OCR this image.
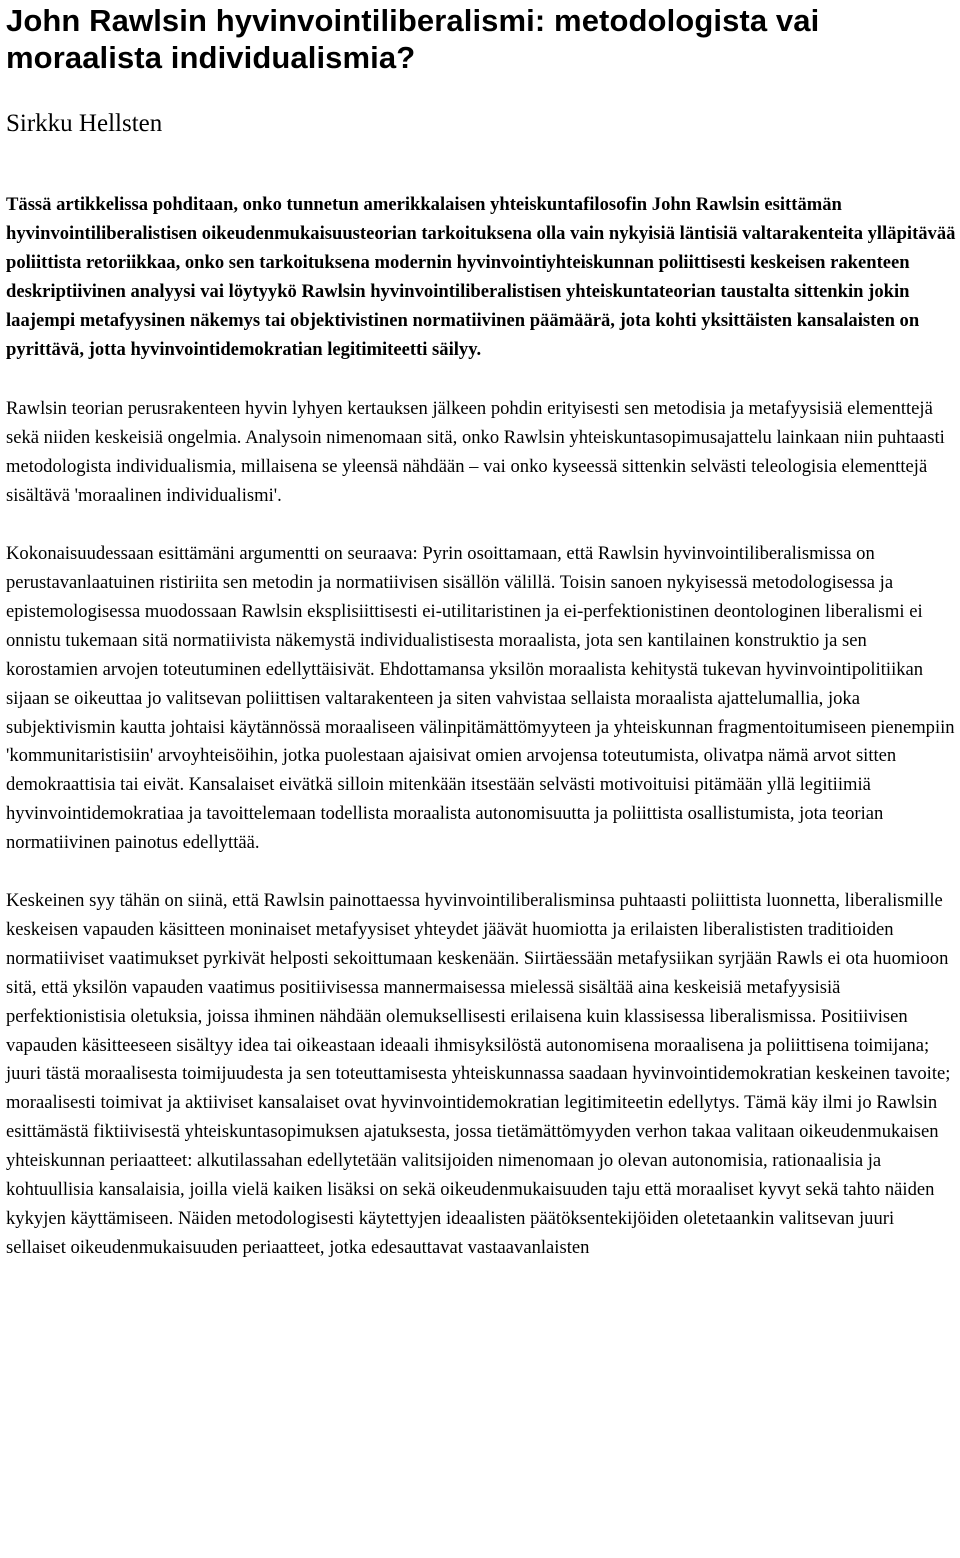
John Rawlsin hyvinvointiliberalismi: metodologista vai moraalista individualismia?
Sirkku Hellsten

Tässä artikkelissa pohditaan, onko tunnetun amerikkalaisen yhteiskuntafilosofin John Rawlsin esittämän hyvinvointiliberalistisen oikeudenmukaisuusteorian tarkoituksena olla vain nykyisiä läntisiä valtarakenteita ylläpitävää poliittista retoriikkaa, onko sen tarkoituksena modernin hyvinvointiyhteiskunnan poliittisesti keskeisen rakenteen deskriptiivinen analyysi vai löytyykö Rawlsin hyvinvointiliberalistisen yhteiskuntateorian taustalta sittenkin jokin laajempi metafyysinen näkemys tai objektivistinen normatiivinen päämäärä, jota kohti yksittäisten kansalaisten on pyrittävä, jotta hyvinvointidemokratian legitimiteetti säilyy.

Rawlsin teorian perusrakenteen hyvin lyhyen kertauksen jälkeen pohdin erityisesti sen metodisia ja metafyysisiä elementtejä sekä niiden keskeisiä ongelmia. Analysoin nimenomaan sitä, onko Rawlsin yhteiskuntasopimusajattelu lainkaan niin puhtaasti metodologista individualismia, millaisena se yleensä nähdään – vai onko kyseessä sittenkin selvästi teleologisia elementtejä sisältävä 'moraalinen individualismi'.

Kokonaisuudessaan esittämäni argumentti on seuraava: Pyrin osoittamaan, että Rawlsin hyvinvointiliberalismissa on perustavanlaatuinen ristiriita sen metodin ja normatiivisen sisällön välillä. Toisin sanoen nykyisessä metodologisessa ja epistemologisessa muodossaan Rawlsin eksplisiittisesti ei-utilitaristinen ja ei-perfektionistinen deontologinen liberalismi ei onnistu tukemaan sitä normatiivista näkemystä individualistisesta moraalista, jota sen kantilainen konstruktio ja sen korostamien arvojen toteutuminen edellyttäisivät. Ehdottamansa yksilön moraalista kehitystä tukevan hyvinvointipolitiikan sijaan se oikeuttaa jo valitsevan poliittisen valtarakenteen ja siten vahvistaa sellaista moraalista ajattelumallia, joka subjektivismin kautta johtaisi käytännössä moraaliseen välinpitämättömyyteen ja yhteiskunnan fragmentoitumiseen pienempiin 'kommunitaristisiin' arvoyhteisöihin, jotka puolestaan ajaisivat omien arvojensa toteutumista, olivatpa nämä arvot sitten demokraattisia tai eivät. Kansalaiset eivätkä silloin mitenkään itsestään selvästi motivoituisi pitämään yllä legitiimiä hyvinvointidemokratiaa ja tavoittelemaan todellista moraalista autonomisuutta ja poliittista osallistumista, jota teorian normatiivinen painotus edellyttää.

Keskeinen syy tähän on siinä, että Rawlsin painottaessa hyvinvointiliberalisminsa puhtaasti poliittista luonnetta, liberalismille keskeisen vapauden käsitteen moninaiset metafyysiset yhteydet jäävät huomiotta ja erilaisten liberalististen traditioiden normatiiviset vaatimukset pyrkivät helposti sekoittumaan keskenään. Siirtäessään metafysiikan syrjään Rawls ei ota huomioon sitä, että yksilön vapauden vaatimus positiivisessa mannermaisessa mielessä sisältää aina keskeisiä metafyysisiä perfektionistisia oletuksia, joissa ihminen nähdään olemuksellisesti erilaisena kuin klassisessa liberalismissa. Positiivisen vapauden käsitteeseen sisältyy idea tai oikeastaan ideaali ihmisyksilöstä autonomisena moraalisena ja poliittisena toimijana; juuri tästä moraalisesta toimijuudesta ja sen toteuttamisesta yhteiskunnassa saadaan hyvinvointidemokratian keskeinen tavoite; moraalisesti toimivat ja aktiiviset kansalaiset ovat hyvinvointidemokratian legitimiteetin edellytys. Tämä käy ilmi jo Rawlsin esittämästä fiktiivisestä yhteiskuntasopimuksen ajatuksesta, jossa tietämättömyyden verhon takaa valitaan oikeudenmukaisen yhteiskunnan periaatteet: alkutilassahan edellytetään valitsijoiden nimenomaan jo olevan autonomisia, rationaalisia ja kohtuullisia kansalaisia, joilla vielä kaiken lisäksi on sekä oikeudenmukaisuuden taju että moraaliset kyvyt sekä tahto näiden kykyjen käyttämiseen. Näiden metodologisesti käytettyjen ideaalisten päätöksentekijöiden oletetaankin valitsevan juuri sellaiset oikeudenmukaisuuden periaatteet, jotka edesauttavat vastaavanlaisten
